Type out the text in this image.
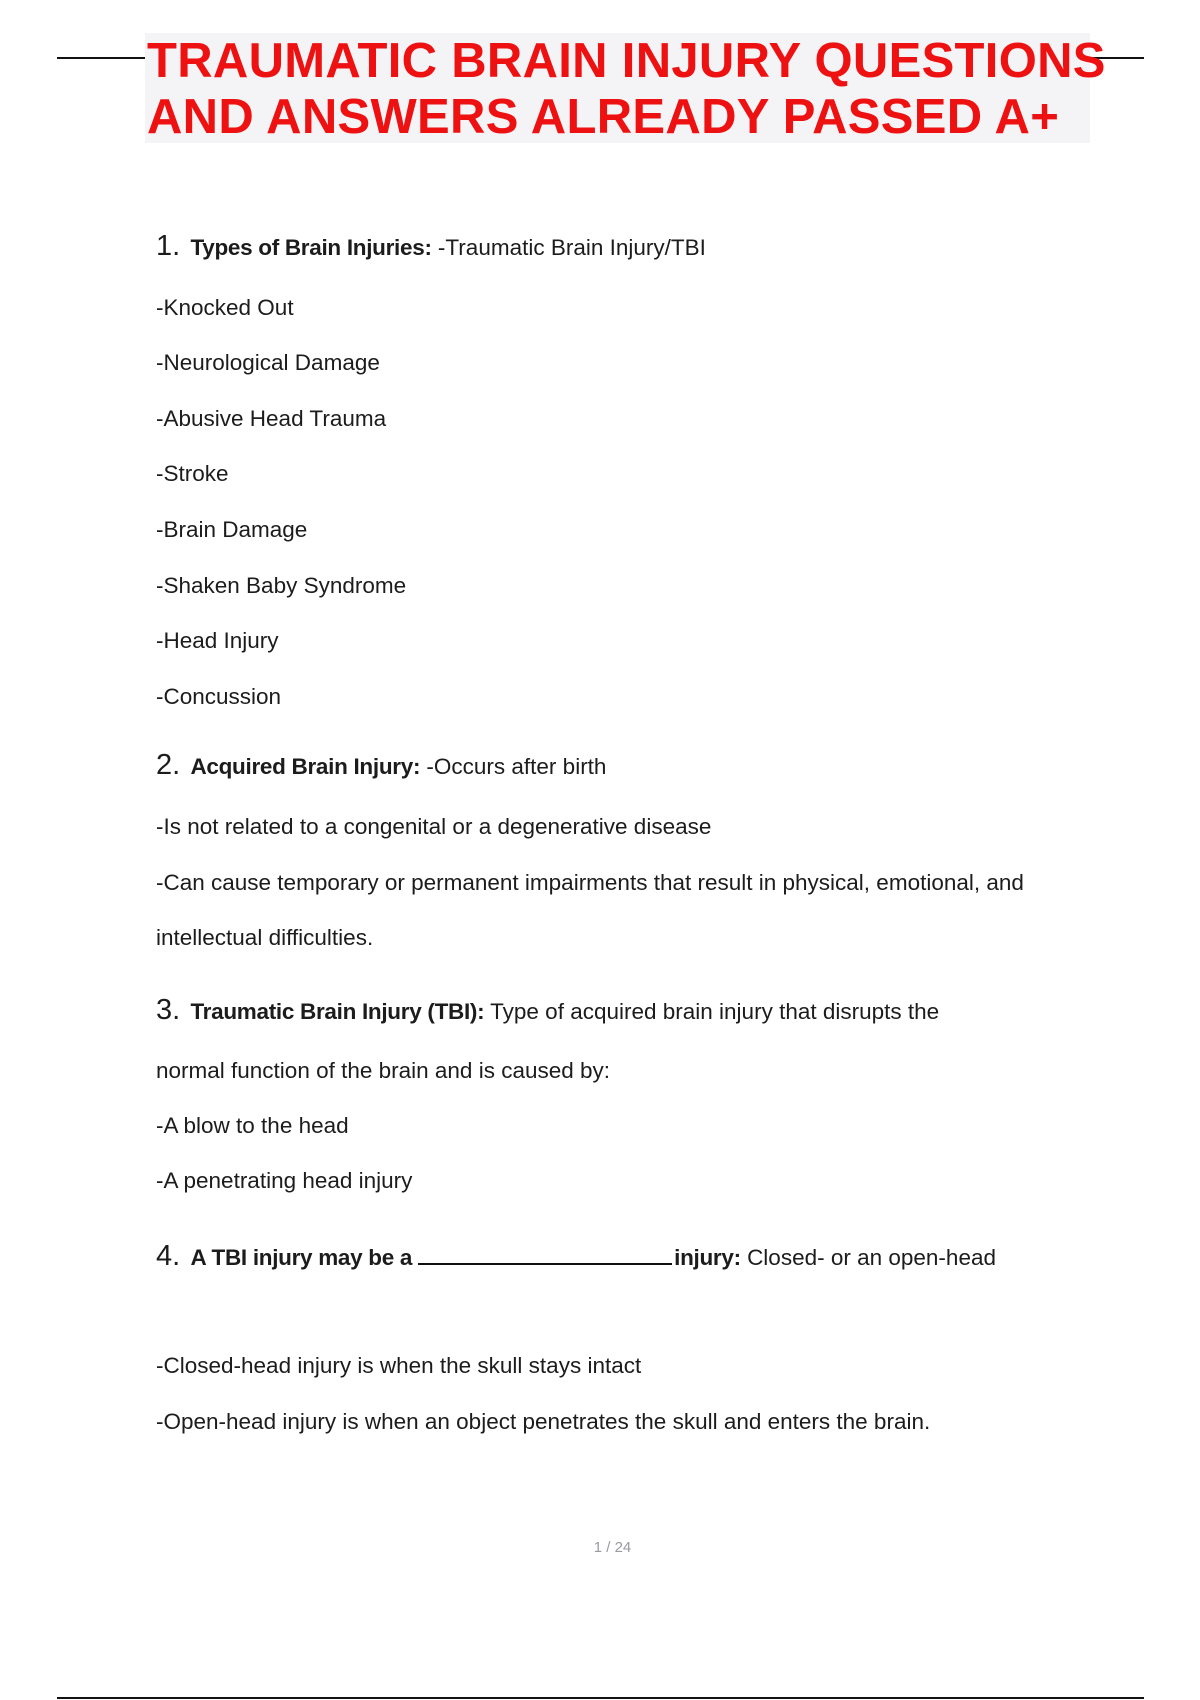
TRAUMATIC BRAIN INJURY QUESTIONS
AND ANSWERS ALREADY PASSED A+
1. Types of Brain Injuries: -Traumatic Brain Injury/TBI
-Knocked Out
-Neurological Damage
-Abusive Head Trauma
-Stroke
-Brain Damage
-Shaken Baby Syndrome
-Head Injury
-Concussion
2. Acquired Brain Injury: -Occurs after birth
-Is not related to a congenital or a degenerative disease
-Can cause temporary or permanent impairments that result in physical, emotional, and
intellectual difficulties.
3. Traumatic Brain Injury (TBI): Type of acquired brain injury that disrupts the
normal function of the brain and is caused by:
-A blow to the head
-A penetrating head injury
4. A TBI injury may be a	injury: Closed- or an open-head
-Closed-head injury is when the skull stays intact
-Open-head injury is when an object penetrates the skull and enters the brain.
1 / 24
